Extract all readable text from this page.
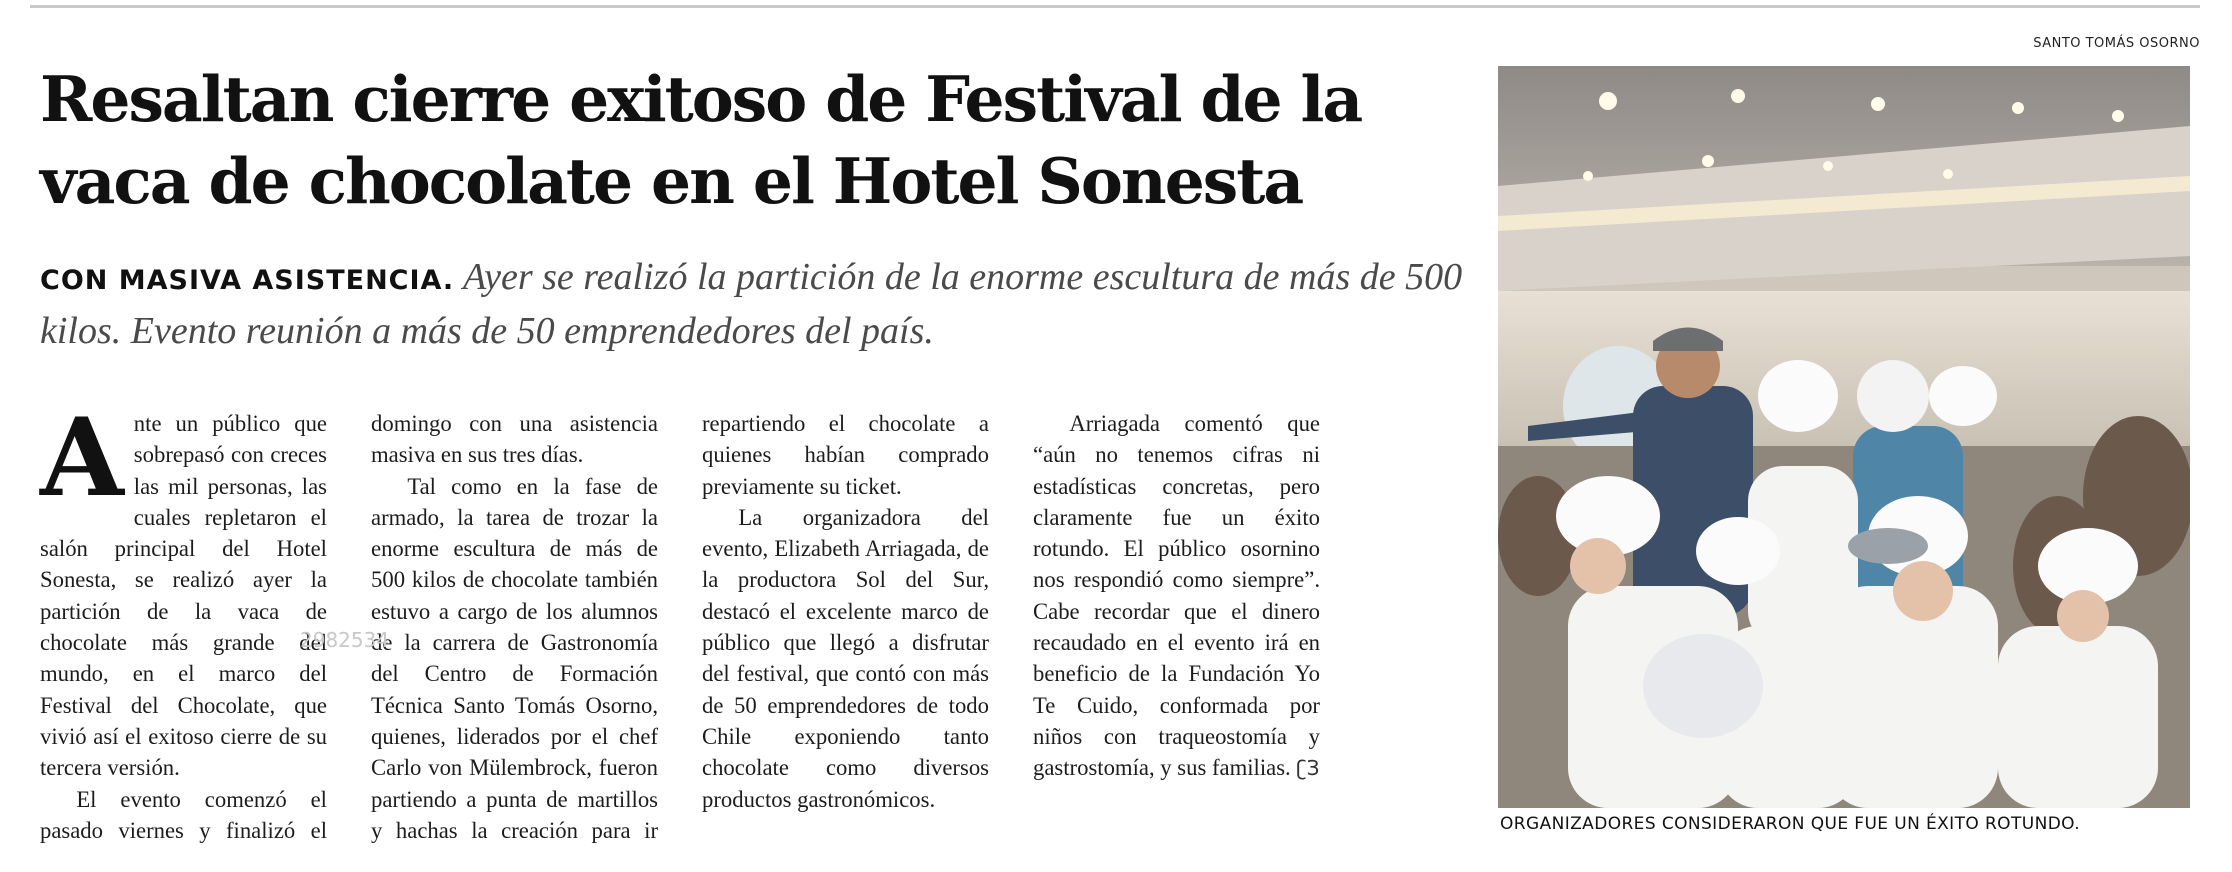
Resaltan cierre exitoso de Festival de la vaca de chocolate en el Hotel Sonesta

CON MASIVA ASISTENCIA. Ayer se realizó la partición de la enorme escultura de más de 500 kilos. Evento reunión a más de 50 emprendedores del país.

Ante un público que sobrepasó con creces las mil personas, las cuales repletaron el salón principal del Hotel Sonesta, se realizó ayer la partición de la vaca de chocolate más grande del mundo, en el marco del Festival del Chocolate, que vivió así el exitoso cierre de su tercera versión.

El evento comenzó el pasado viernes y finalizó el domingo con una asistencia masiva en sus tres días.

Tal como en la fase de armado, la tarea de trozar la enorme escultura de más de 500 kilos de chocolate también estuvo a cargo de los alumnos de la carrera de Gastronomía del Centro de Formación Técnica Santo Tomás Osorno, quienes, liderados por el chef Carlo von Mülembrock, fueron partiendo a punta de martillos y hachas la creación para ir repartiendo el chocolate a quienes habían comprado previamente su ticket.

La organizadora del evento, Elizabeth Arriagada, de la productora Sol del Sur, destacó el excelente marco de público que llegó a disfrutar del festival, que contó con más de 50 emprendedores de todo Chile exponiendo tanto chocolate como diversos productos gastronómicos.

Arriagada comentó que “aún no tenemos cifras ni estadísticas concretas, pero claramente fue un éxito rotundo. El público osornino nos respondió como siempre”. Cabe recordar que el dinero recaudado en el evento irá en beneficio de la Fundación Yo Te Cuido, conformada por niños con traqueostomía y gastrostomía, y sus familias. ʗЗ

2982534
SANTO TOMÁS OSORNO
ORGANIZADORES CONSIDERARON QUE FUE UN ÉXITO ROTUNDO.
